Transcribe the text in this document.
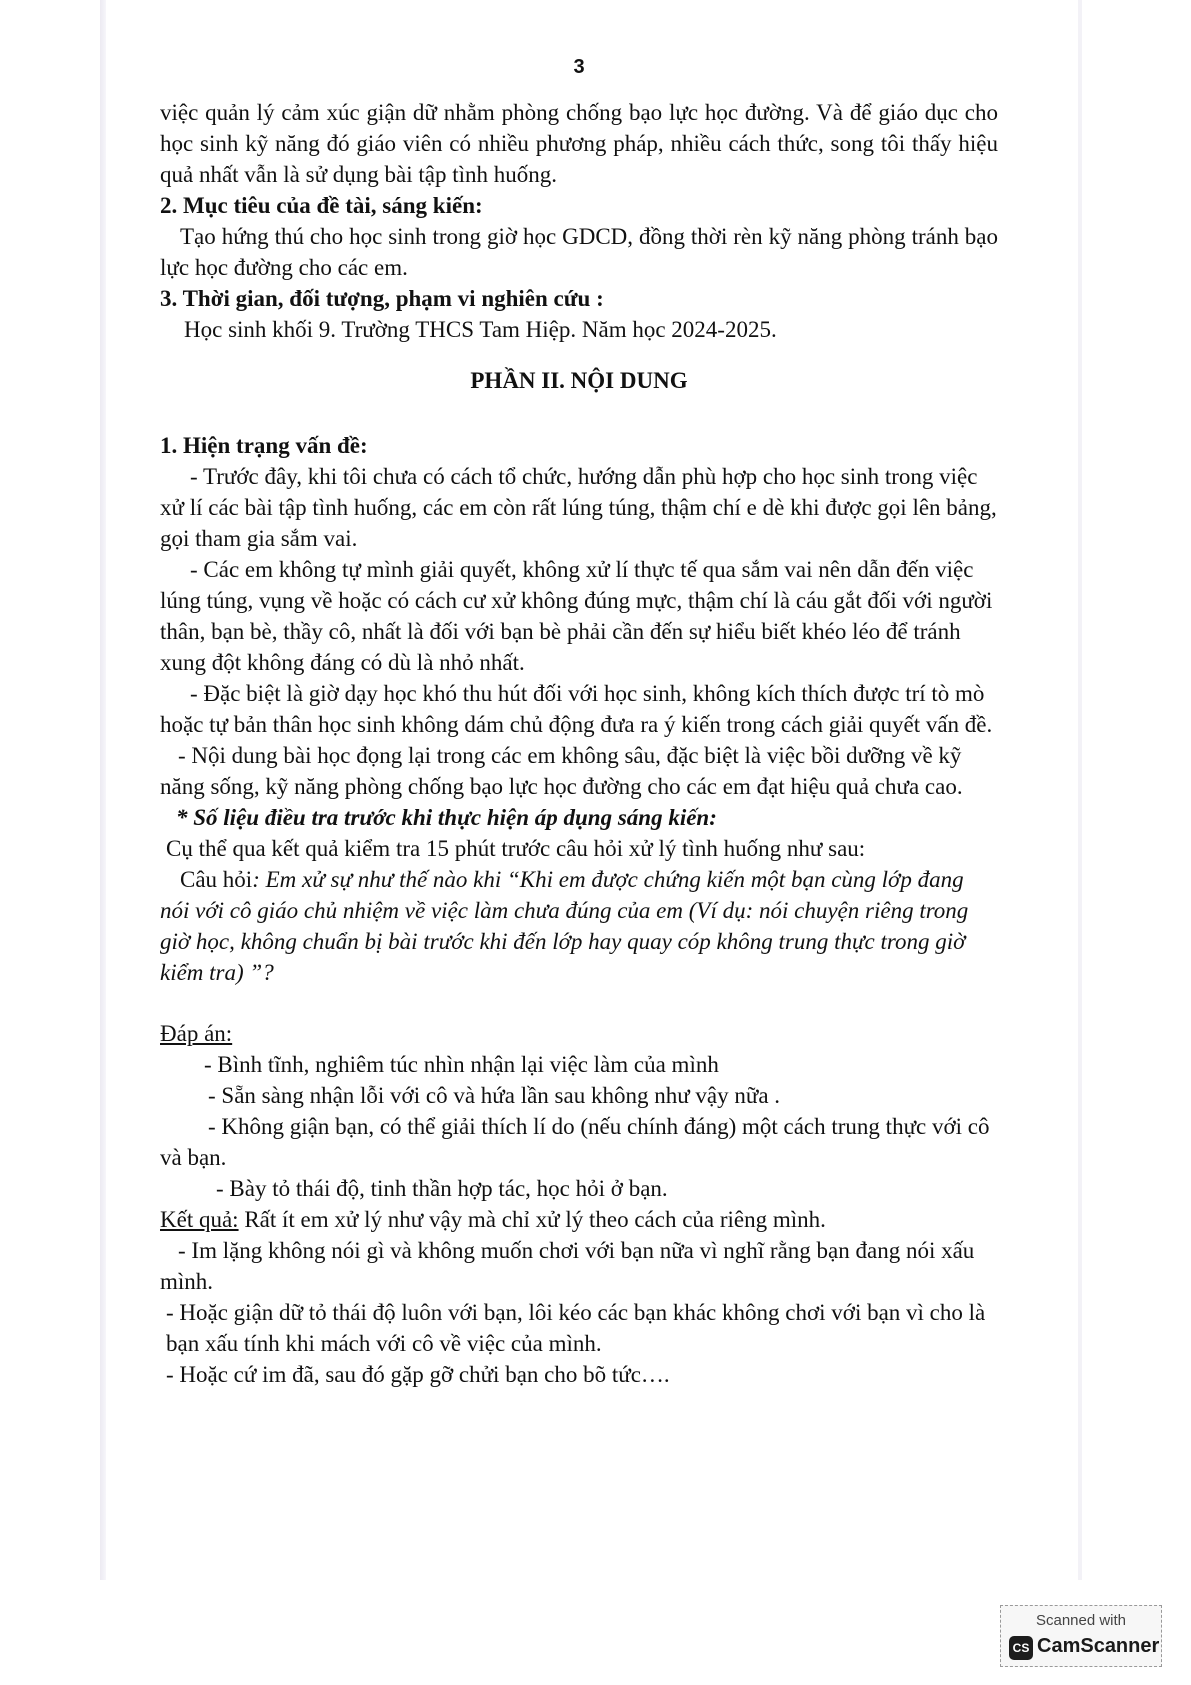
3

việc quản lý cảm xúc giận dữ nhằm phòng chống bạo lực học đường. Và để giáo dục cho học sinh kỹ năng đó giáo viên có nhiều phương pháp, nhiều cách thức, song tôi thấy hiệu quả nhất vẫn là sử dụng bài tập tình huống.

2. Mục tiêu của đề tài, sáng kiến:

Tạo hứng thú cho học sinh trong giờ học GDCD, đồng thời rèn kỹ năng phòng tránh bạo lực học đường cho các em.

3. Thời gian, đối tượng, phạm vi nghiên cứu :

Học sinh khối 9. Trường THCS Tam Hiệp. Năm học 2024-2025.

PHẦN II. NỘI DUNG

1. Hiện trạng vấn đề:

- Trước đây, khi tôi chưa có cách tổ chức, hướng dẫn phù hợp cho học sinh trong việc xử lí các bài tập tình huống, các em còn rất lúng túng, thậm chí e dè khi được gọi lên bảng, gọi tham gia sắm vai.

- Các em không tự mình giải quyết, không xử lí thực tế qua sắm vai nên dẫn đến việc lúng túng, vụng về hoặc có cách cư xử không đúng mực, thậm chí là cáu gắt đối với người thân, bạn bè, thầy cô, nhất là đối với bạn bè phải cần đến sự hiểu biết khéo léo để tránh xung đột không đáng có dù là nhỏ nhất.

- Đặc biệt là giờ dạy học khó thu hút đối với học sinh, không kích thích được trí tò mò hoặc tự bản thân học sinh không dám chủ động đưa ra ý kiến trong cách giải quyết vấn đề.

- Nội dung bài học đọng lại trong các em không sâu, đặc biệt là việc bồi dưỡng về kỹ năng sống, kỹ năng phòng chống bạo lực học đường cho các em đạt hiệu quả chưa cao.

* Số liệu điều tra trước khi thực hiện áp dụng sáng kiến:

Cụ thể qua kết quả kiểm tra 15 phút trước câu hỏi xử lý tình huống như sau:

Câu hỏi: Em xử sự như thế nào khi “Khi em được chứng kiến một bạn cùng lớp đang nói với cô giáo chủ nhiệm về việc làm chưa đúng của em (Ví dụ: nói chuyện riêng trong giờ học, không chuẩn bị bài trước khi đến lớp hay quay cóp không trung thực trong giờ kiểm tra) ”?

Đáp án:

- Bình tĩnh, nghiêm túc nhìn nhận lại việc làm của mình

- Sẵn sàng nhận lỗi với cô và hứa lần sau không như vậy nữa .

- Không giận bạn, có thể giải thích lí do (nếu chính đáng) một cách trung thực với cô và bạn.

- Bày tỏ thái độ, tinh thần hợp tác, học hỏi ở bạn.

Kết quả: Rất ít em xử lý như vậy mà chỉ xử lý theo cách của riêng mình.

- Im lặng không nói gì và không muốn chơi với bạn nữa vì nghĩ rằng bạn đang nói xấu mình.

- Hoặc giận dữ tỏ thái độ luôn với bạn, lôi kéo các bạn khác không chơi với bạn vì cho là bạn xấu tính khi mách với cô về việc của mình.

- Hoặc cứ im đã, sau đó gặp gỡ chửi bạn cho bõ tức….

Scanned with
CS CamScanner
